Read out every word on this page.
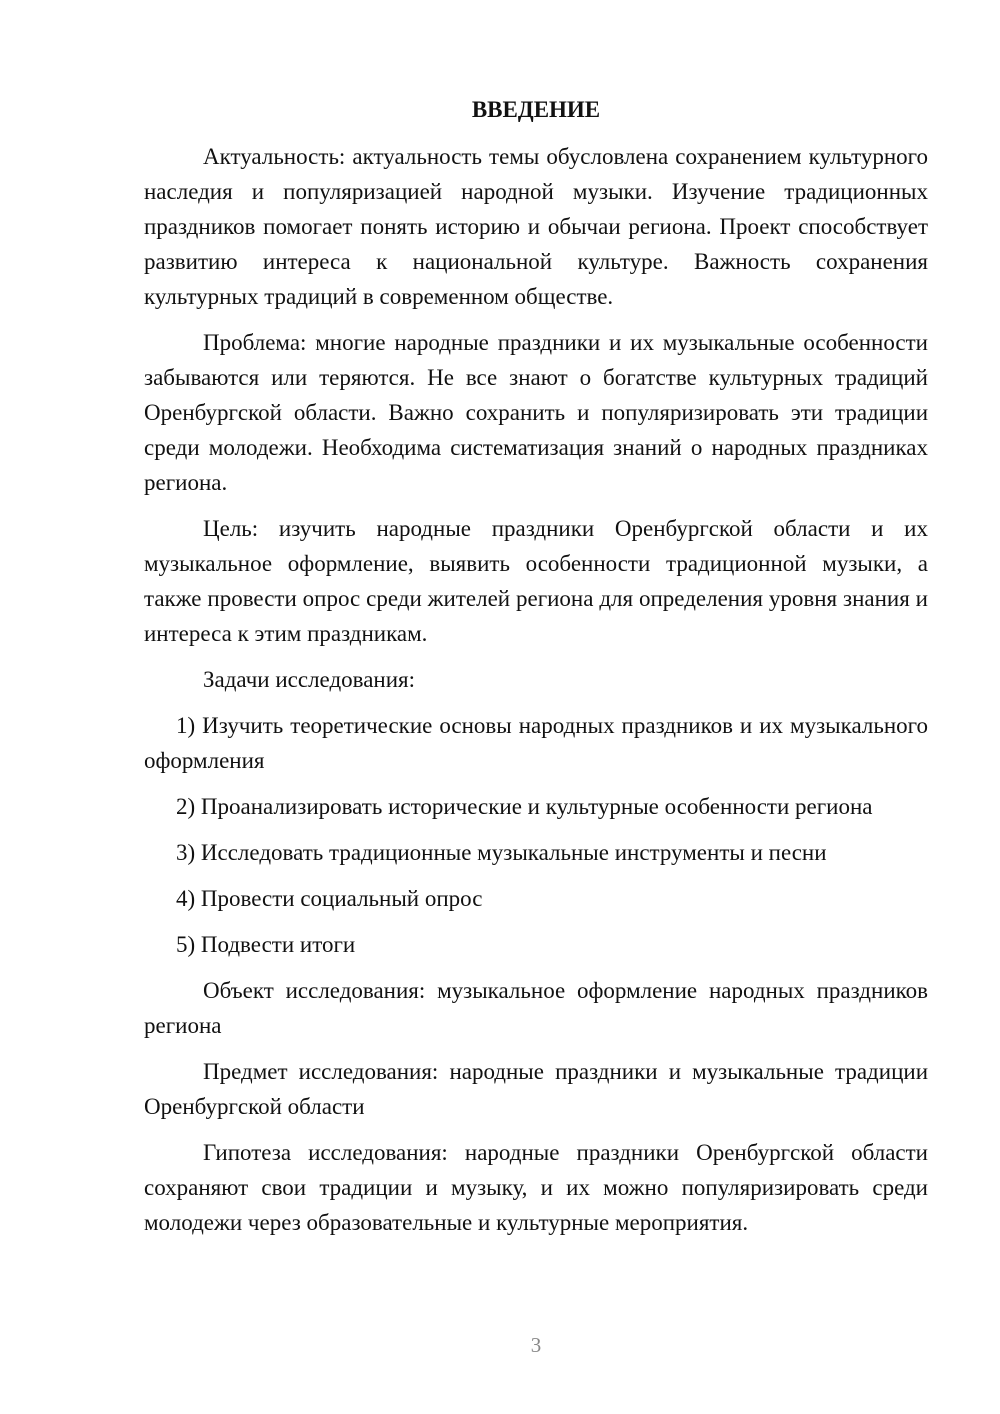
ВВЕДЕНИЕ

Актуальность: актуальность темы обусловлена сохранением культурного наследия и популяризацией народной музыки. Изучение традиционных праздников помогает понять историю и обычаи региона. Проект способствует развитию интереса к национальной культуре. Важность сохранения культурных традиций в современном обществе.

Проблема: многие народные праздники и их музыкальные особенности забываются или теряются. Не все знают о богатстве культурных традиций Оренбургской области. Важно сохранить и популяризировать эти традиции среди молодежи. Необходима систематизация знаний о народных праздниках региона.

Цель: изучить народные праздники Оренбургской области и их музыкальное оформление, выявить особенности традиционной музыки, а также провести опрос среди жителей региона для определения уровня знания и интереса к этим праздникам.

Задачи исследования:

1) Изучить теоретические основы народных праздников и их музыкального оформления

2) Проанализировать исторические и культурные особенности региона

3) Исследовать традиционные музыкальные инструменты и песни

4) Провести социальный опрос

5) Подвести итоги

Объект исследования: музыкальное оформление народных праздников региона

Предмет исследования: народные праздники и музыкальные традиции Оренбургской области

Гипотеза исследования: народные праздники Оренбургской области сохраняют свои традиции и музыку, и их можно популяризировать среди молодежи через образовательные и культурные мероприятия.

3
